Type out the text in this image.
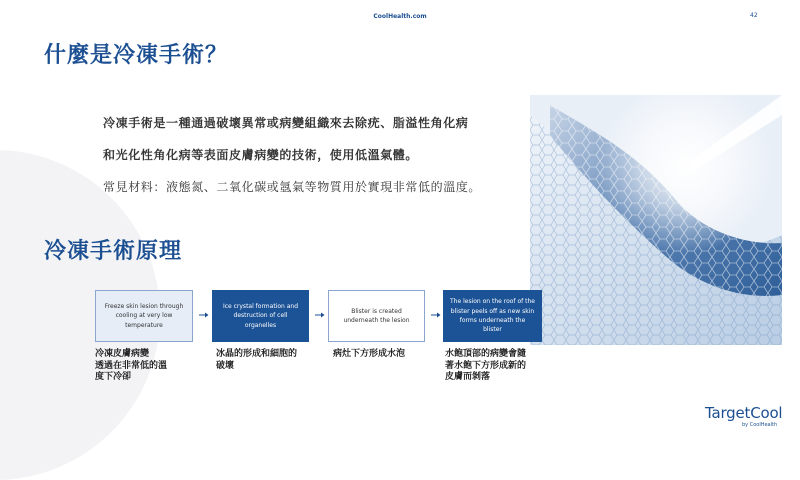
CoolHealth.com	42
什麼是冷凍手術？

冷凍手術是一種通過破壞異常或病變組織來去除疣、脂溢性角化病

和光化性角化病等表面皮膚病變的技術，使用低溫氣體。

常見材料：液態氮、二氧化碳或氬氣等物質用於實現非常低的溫度。

冷凍手術原理
Freeze skin lesion through cooling at very low temperature
Ice crystal formation and destruction of cell organelles
Blister is created underneath the lesion
The lesion on the roof of the blister peels off as new skin forms underneath the blister

冷凍皮膚病變
透過在非常低的溫
度下冷卻

冰晶的形成和細胞的
破壞

病灶下方形成水泡	水飽頂部的病變會隨
著水飽下方形成新的
皮膚而剝落

TargetCool
by CoolHealth
